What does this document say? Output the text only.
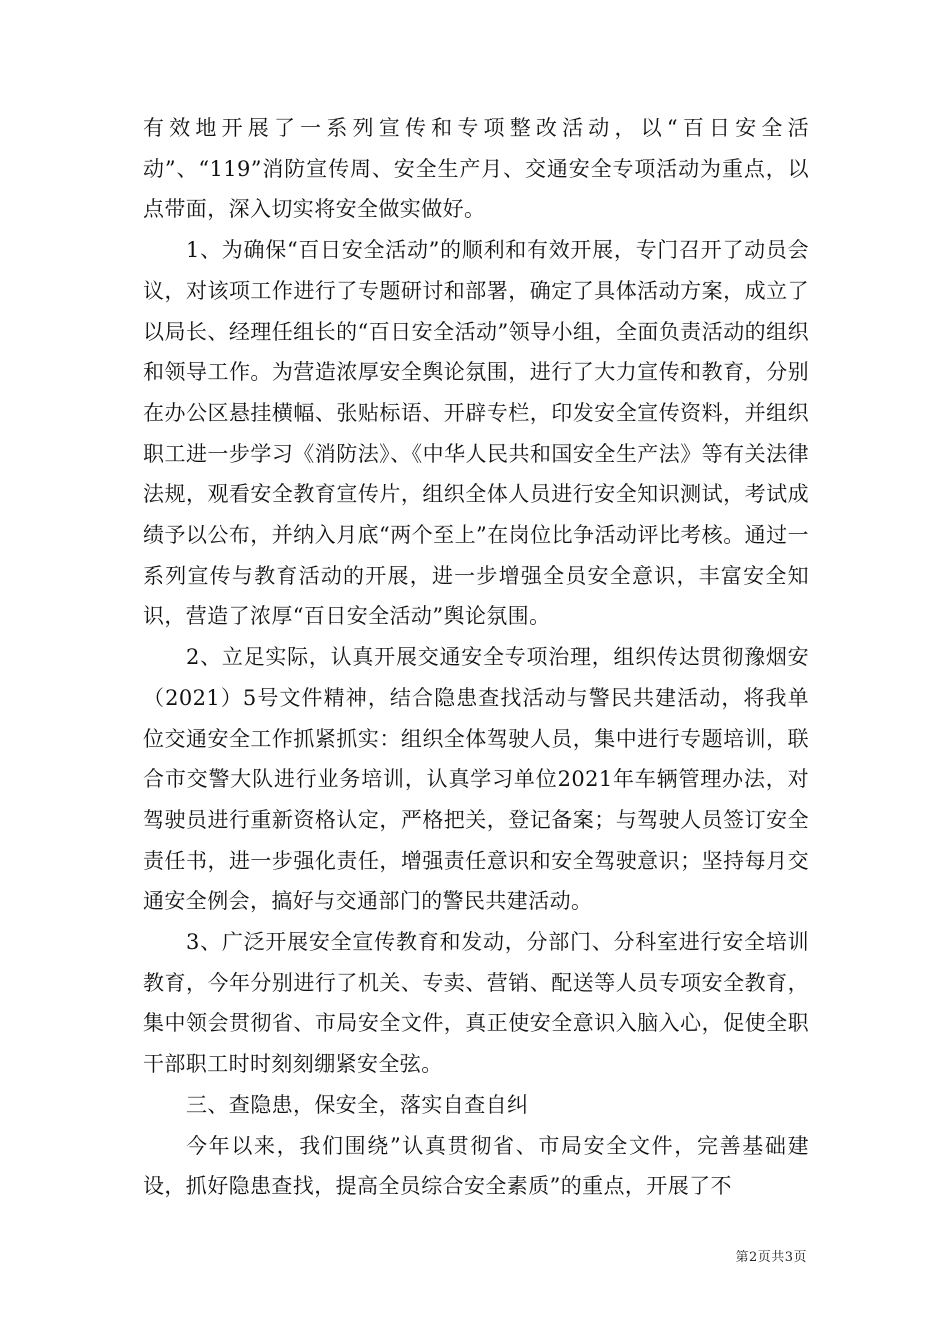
有效地开展了一系列宣传和专项整改活动，以“百日安全活动”、“119”消防宣传周、安全生产月、交通安全专项活动为重点，以点带面，深入切实将安全做实做好。

1、为确保“百日安全活动”的顺利和有效开展，专门召开了动员会议，对该项工作进行了专题研讨和部署，确定了具体活动方案，成立了以局长、经理任组长的“百日安全活动”领导小组，全面负责活动的组织和领导工作。为营造浓厚安全舆论氛围，进行了大力宣传和教育，分别在办公区悬挂横幅、张贴标语、开辟专栏，印发安全宣传资料，并组织职工进一步学习《消防法》、《中华人民共和国安全生产法》等有关法律法规，观看安全教育宣传片，组织全体人员进行安全知识测试，考试成绩予以公布，并纳入月底“两个至上”在岗位比争活动评比考核。通过一系列宣传与教育活动的开展，进一步增强全员安全意识，丰富安全知识，营造了浓厚“百日安全活动”舆论氛围。

2、立足实际，认真开展交通安全专项治理，组织传达贯彻豫烟安（2021）5号文件精神，结合隐患查找活动与警民共建活动，将我单位交通安全工作抓紧抓实：组织全体驾驶人员，集中进行专题培训，联合市交警大队进行业务培训，认真学习单位2021年车辆管理办法，对驾驶员进行重新资格认定，严格把关，登记备案；与驾驶人员签订安全责任书，进一步强化责任，增强责任意识和安全驾驶意识；坚持每月交通安全例会，搞好与交通部门的警民共建活动。

3、广泛开展安全宣传教育和发动，分部门、分科室进行安全培训教育，今年分别进行了机关、专卖、营销、配送等人员专项安全教育，集中领会贯彻省、市局安全文件，真正使安全意识入脑入心，促使全职干部职工时时刻刻绷紧安全弦。

三、查隐患，保安全，落实自查自纠

今年以来，我们围绕”认真贯彻省、市局安全文件，完善基础建设，抓好隐患查找，提高全员综合安全素质”的重点，开展了不

第2页共3页
